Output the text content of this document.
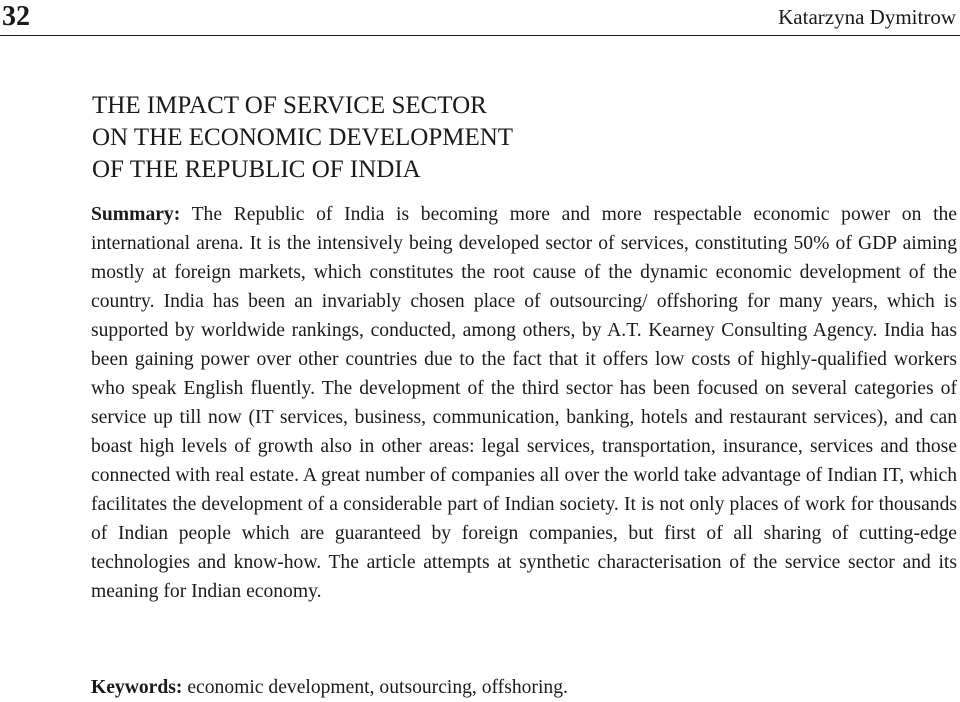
32	Katarzyna Dymitrow
THE IMPACT OF SERVICE SECTOR
ON THE ECONOMIC DEVELOPMENT
OF THE REPUBLIC OF INDIA

Summary: The Republic of India is becoming more and more respectable economic power on the international arena. It is the intensively being developed sector of services, constituting 50% of GDP aiming mostly at foreign markets, which constitutes the root cause of the dynamic economic development of the country. India has been an invariably chosen place of outsourcing/ offshoring for many years, which is supported by worldwide rankings, conducted, among others, by A.T. Kearney Consulting Agency. India has been gaining power over other countries due to the fact that it offers low costs of highly-qualified workers who speak English fluently. The development of the third sector has been focused on several categories of service up till now (IT services, business, communication, banking, hotels and restaurant services), and can boast high levels of growth also in other areas: legal services, transportation, insurance, services and those connected with real estate. A great number of companies all over the world take advantage of Indian IT, which facilitates the development of a considerable part of Indian society. It is not only places of work for thousands of Indian people which are guaranteed by foreign companies, but first of all sharing of cutting-edge technologies and know-how. The article attempts at synthetic characterisation of the service sector and its meaning for Indian economy.

Keywords: economic development, outsourcing, offshoring.
